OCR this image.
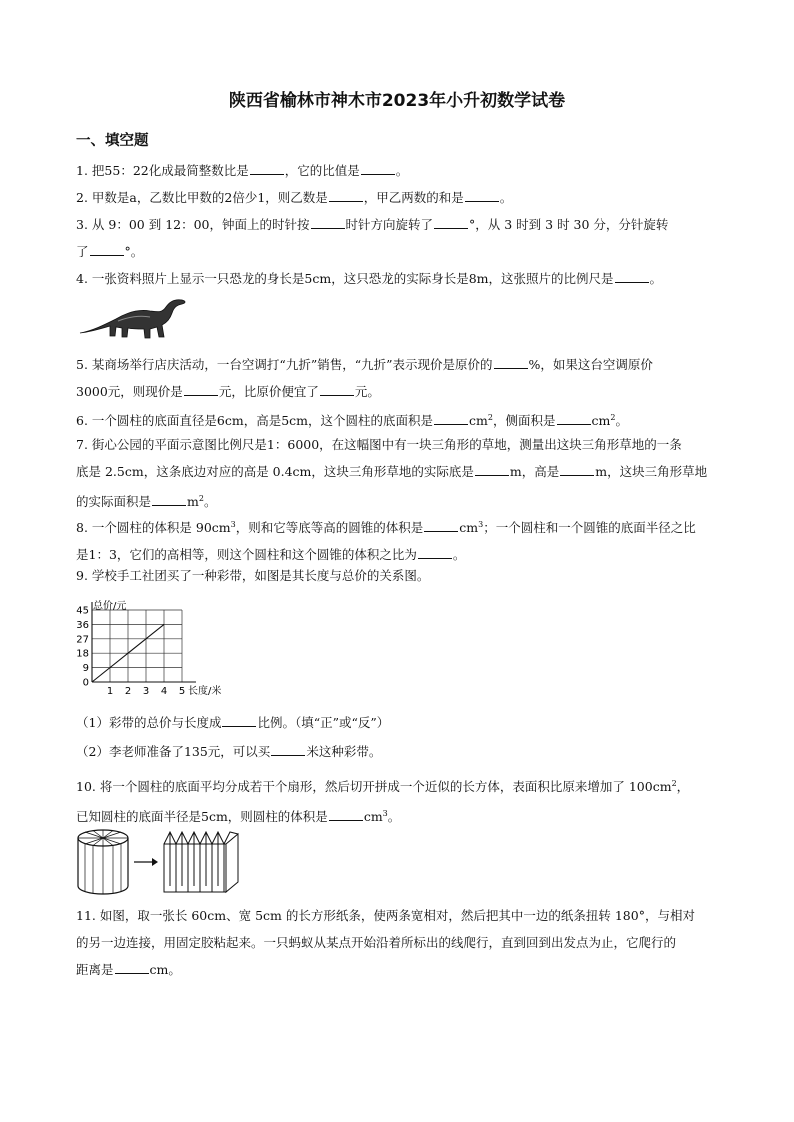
陕西省榆林市神木市2023年小升初数学试卷
一、填空题
1. 把55：22化成最简整数比是	，它的比值是	。
2. 甲数是a，乙数比甲数的2倍少1，则乙数是	，甲乙两数的和是	。
3. 从 9：00 到 12：00，钟面上的时针按	时针方向旋转了	°，从 3 时到 3 时 30 分，分针旋转
了	°。
4. 一张资料照片上显示一只恐龙的身长是5cm，这只恐龙的实际身长是8m，这张照片的比例尺是	。
5. 某商场举行店庆活动，一台空调打“九折”销售，“九折”表示现价是原价的	%，如果这台空调原价
3000元，则现价是	元，比原价便宜了	元。
6. 一个圆柱的底面直径是6cm，高是5cm，这个圆柱的底面积是	$cm^2$，侧面积是	$cm^2$。
7. 街心公园的平面示意图比例尺是1：6000，在这幅图中有一块三角形的草地，测量出这块三角形草地的一条
底是 2.5cm，这条底边对应的高是 0.4cm，这块三角形草地的实际底是	m，高是	m，这块三角形草地
的实际面积是	$m^2$。
8. 一个圆柱的体积是 $90cm^3$，则和它等底等高的圆锥的体积是	$cm^3$；一个圆柱和一个圆锥的底面半径之比
是1：3，它们的高相等，则这个圆柱和这个圆锥的体积之比为	。
9. 学校手工社团买了一种彩带，如图是其长度与总价的关系图。
1 2 3 4 5
0
9
18
27
36
45 总价/元
长度/米
（1）彩带的总价与长度成	比例。（填“正”或“反”）
（2）李老师准备了135元，可以买	米这种彩带。
10. 将一个圆柱的底面平均分成若干个扇形，然后切开拼成一个近似的长方体，表面积比原来增加了 $100cm^2$，
已知圆柱的底面半径是5cm，则圆柱的体积是	$cm^3$。
11. 如图，取一张长 60cm、宽 5cm 的长方形纸条，使两条宽相对，然后把其中一边的纸条扭转 180°，与相对
的另一边连接，用固定胶粘起来。一只蚂蚁从某点开始沿着所标出的线爬行，直到回到出发点为止，它爬行的
距离是	cm。
